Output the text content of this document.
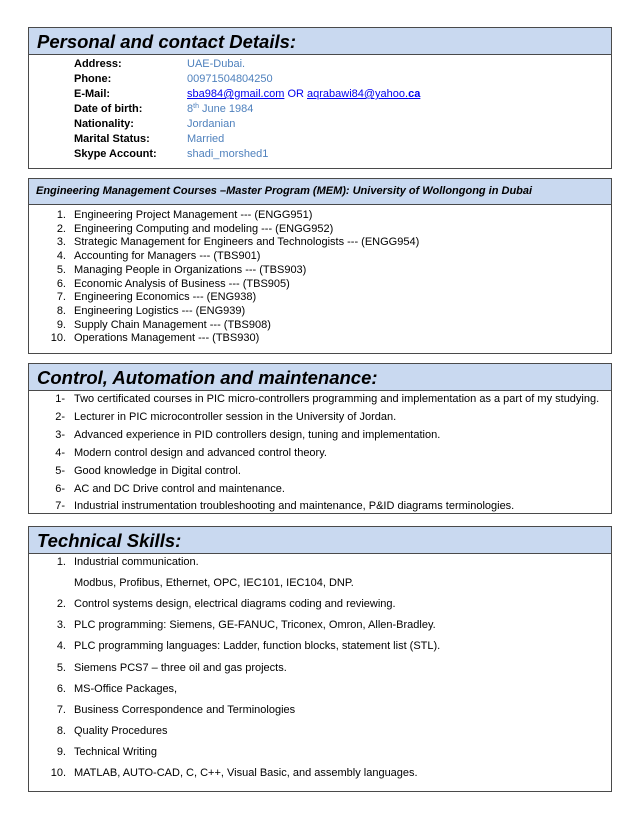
Personal and contact Details:
Address:	UAE-Dubai.
Phone:	00971504804250
E-Mail:	sba984@gmail.com OR aqrabawi84@yahoo.ca
Date of birth:	8th June 1984
Nationality:	Jordanian
Marital Status:	Married
Skype Account:	shadi_morshed1
Engineering Management Courses –Master Program (MEM): University of Wollongong in Dubai
1. Engineering Project Management --- (ENGG951)
2. Engineering Computing and modeling --- (ENGG952)
3. Strategic Management for Engineers and Technologists --- (ENGG954)
4. Accounting for Managers --- (TBS901)
5. Managing People in Organizations --- (TBS903)
6. Economic Analysis of Business --- (TBS905)
7. Engineering Economics --- (ENG938)
8. Engineering Logistics --- (ENG939)
9. Supply Chain Management --- (TBS908)
10. Operations Management --- (TBS930)
Control, Automation and maintenance:
1- Two certificated courses in PIC micro-controllers programming and implementation as a part of my studying.
2- Lecturer in PIC microcontroller session in the University of Jordan.
3- Advanced experience in PID controllers design, tuning and implementation.
4- Modern control design and advanced control theory.
5- Good knowledge in Digital control.
6- AC and DC Drive control and maintenance.
7- Industrial instrumentation troubleshooting and maintenance, P&ID diagrams terminologies.
Technical Skills:
1. Industrial communication.
Modbus, Profibus, Ethernet, OPC, IEC101, IEC104, DNP.
2. Control systems design, electrical diagrams coding and reviewing.
3. PLC programming: Siemens, GE-FANUC, Triconex, Omron, Allen-Bradley.
4. PLC programming languages: Ladder, function blocks, statement list (STL).
5. Siemens PCS7 – three oil and gas projects.
6. MS-Office Packages,
7. Business Correspondence and Terminologies
8. Quality Procedures
9. Technical Writing
10. MATLAB, AUTO-CAD, C, C++, Visual Basic, and assembly languages.
